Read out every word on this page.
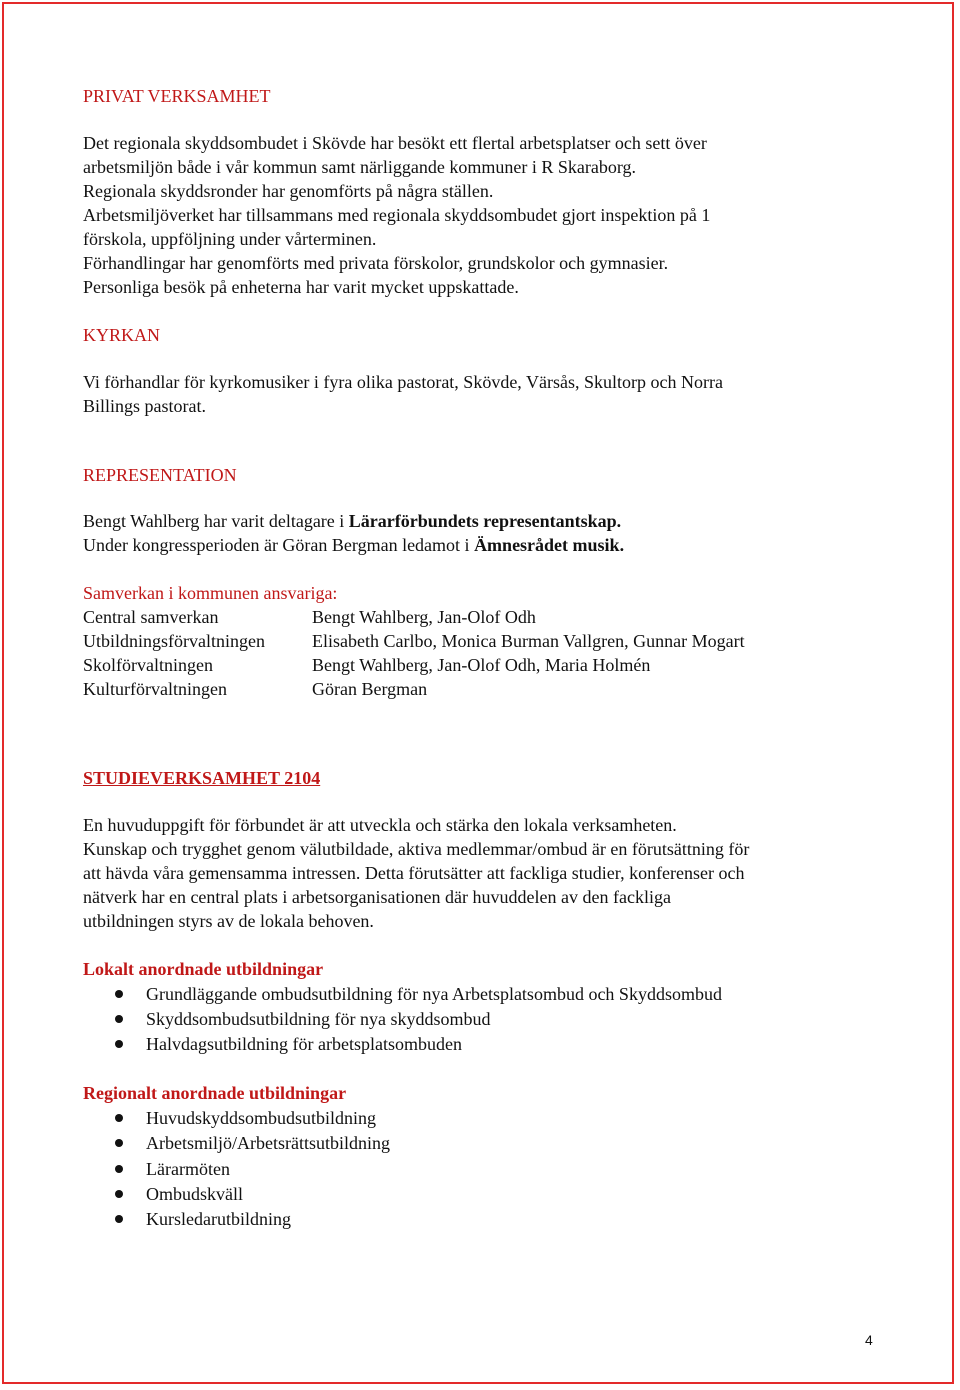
PRIVAT VERKSAMHET
Det regionala skyddsombudet i Skövde har besökt ett flertal arbetsplatser och sett över
arbetsmiljön både i vår kommun samt närliggande kommuner i R Skaraborg.
Regionala skyddsronder har genomförts på några ställen.
Arbetsmiljöverket har tillsammans med regionala skyddsombudet gjort inspektion på 1
förskola, uppföljning under vårterminen.
Förhandlingar har genomförts med privata förskolor, grundskolor och gymnasier.
Personliga besök på enheterna har varit mycket uppskattade.
KYRKAN
Vi förhandlar för kyrkomusiker i fyra olika pastorat, Skövde, Värsås, Skultorp och Norra
Billings pastorat.
REPRESENTATION
Bengt Wahlberg har varit deltagare i Lärarförbundets representantskap.
Under kongressperioden är Göran Bergman ledamot i Ämnesrådet musik.
Samverkan i kommunen ansvariga:
Central samverkan	Bengt Wahlberg, Jan-Olof Odh
Utbildningsförvaltningen	Elisabeth Carlbo, Monica Burman Vallgren, Gunnar Mogart
Skolförvaltningen	Bengt Wahlberg, Jan-Olof Odh, Maria Holmén
Kulturförvaltningen	Göran Bergman
STUDIEVERKSAMHET 2104
En huvuduppgift för förbundet är att utveckla och stärka den lokala verksamheten.
Kunskap och trygghet genom välutbildade, aktiva medlemmar/ombud är en förutsättning för
att hävda våra gemensamma intressen. Detta förutsätter att fackliga studier, konferenser och
nätverk har en central plats i arbetsorganisationen där huvuddelen av den fackliga
utbildningen styrs av de lokala behoven.
Lokalt anordnade utbildningar
Grundläggande ombudsutbildning för nya Arbetsplatsombud och Skyddsombud
Skyddsombudsutbildning för nya skyddsombud
Halvdagsutbildning för arbetsplatsombuden
Regionalt anordnade utbildningar
Huvudskyddsombudsutbildning
Arbetsmiljö/Arbetsrättsutbildning
Lärarmöten
Ombudskväll
Kursledarutbildning
4
